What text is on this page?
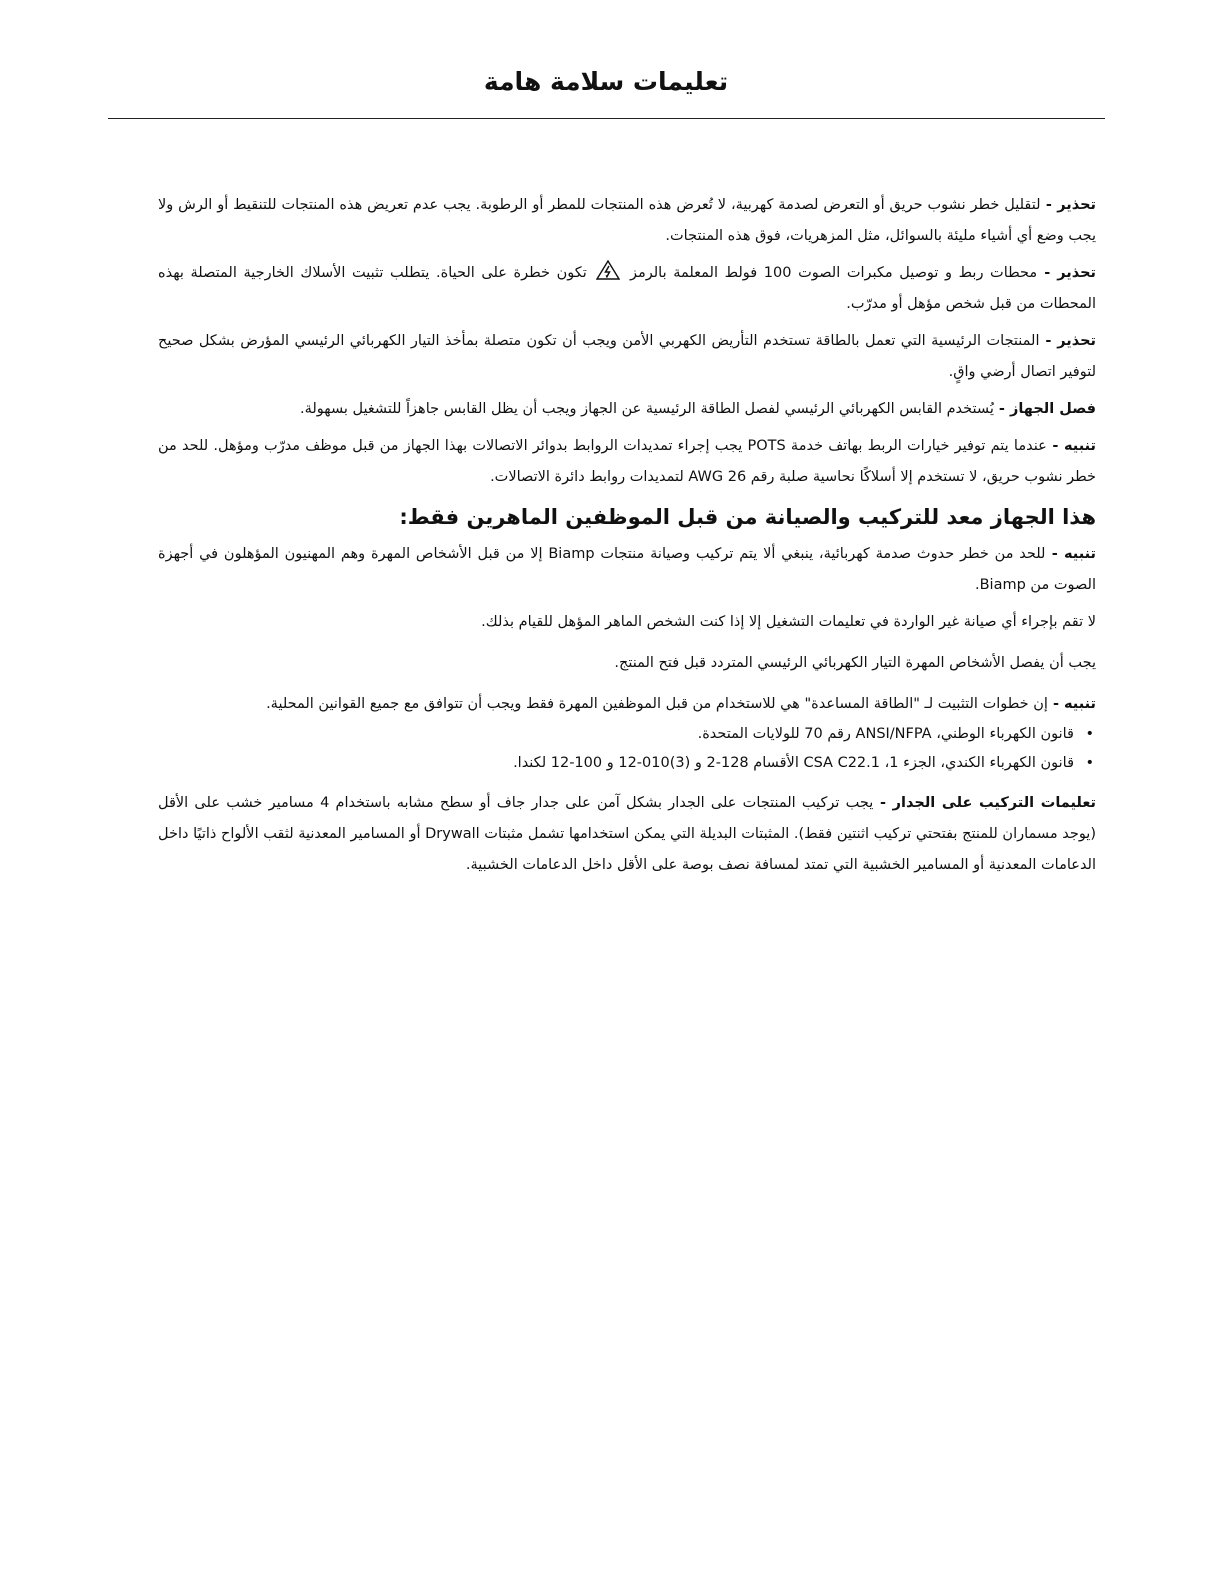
تعليمات سلامة هامة

تحذير - لتقليل خطر نشوب حريق أو التعرض لصدمة كهربية، لا تُعرض هذه المنتجات للمطر أو الرطوبة. يجب عدم تعريض هذه المنتجات للتنقيط أو الرش ولا يجب وضع أي أشياء مليئة بالسوائل، مثل المزهريات، فوق هذه المنتجات.

تحذير - محطات ربط و توصيل مكبرات الصوت 100 فولط المعلمة بالرمز
تكون خطرة على الحياة. يتطلب تثبيت الأسلاك الخارجية المتصلة بهذه المحطات من قبل شخص مؤهل أو مدرّب.

تحذير - المنتجات الرئيسية التي تعمل بالطاقة تستخدم التأريض الكهربي الأمن ويجب أن تكون متصلة بمأخذ التيار الكهربائي الرئيسي المؤرض بشكل صحيح لتوفير اتصال أرضي واقٍ.

فصل الجهاز - يُستخدم القابس الكهربائي الرئيسي لفصل الطاقة الرئيسية عن الجهاز ويجب أن يظل القابس جاهزاً للتشغيل بسهولة.

تنبيه - عندما يتم توفير خيارات الربط بهاتف خدمة POTS يجب إجراء تمديدات الروابط بدوائر الاتصالات بهذا الجهاز من قبل موظف مدرّب ومؤهل. للحد من خطر نشوب حريق، لا تستخدم إلا أسلاكًا نحاسية صلبة رقم AWG 26 لتمديدات روابط دائرة الاتصالات.

هذا الجهاز معد للتركيب والصيانة من قبل الموظفين الماهرين فقط:

تنبيه - للحد من خطر حدوث صدمة كهربائية، ينبغي ألا يتم تركيب وصيانة منتجات Biamp إلا من قبل الأشخاص المهرة وهم المهنيون المؤهلون في أجهزة الصوت من Biamp.

لا تقم بإجراء أي صيانة غير الواردة في تعليمات التشغيل إلا إذا كنت الشخص الماهر المؤهل للقيام بذلك.

يجب أن يفصل الأشخاص المهرة التيار الكهربائي الرئيسي المتردد قبل فتح المنتج.

تنبيه - إن خطوات التثبيت لـ "الطاقة المساعدة" هي للاستخدام من قبل الموظفين المهرة فقط ويجب أن تتوافق مع جميع القوانين المحلية.

•
قانون الكهرباء الوطني، ANSI/NFPA رقم 70 للولايات المتحدة.
•
قانون الكهرباء الكندي، الجزء 1، CSA C22.1 الأقسام 128-2 و (3)010-12 و 100-12 لكندا.

تعليمات التركيب على الجدار - يجب تركيب المنتجات على الجدار بشكل آمن على جدار جاف أو سطح مشابه باستخدام 4 مسامير خشب على الأقل (يوجد مسماران للمنتج بفتحتي تركيب اثنتين فقط). المثبتات البديلة التي يمكن استخدامها تشمل مثبتات Drywall أو المسامير المعدنية لثقب الألواح ذاتيًا داخل الدعامات المعدنية أو المسامير الخشبية التي تمتد لمسافة نصف بوصة على الأقل داخل الدعامات الخشبية.
